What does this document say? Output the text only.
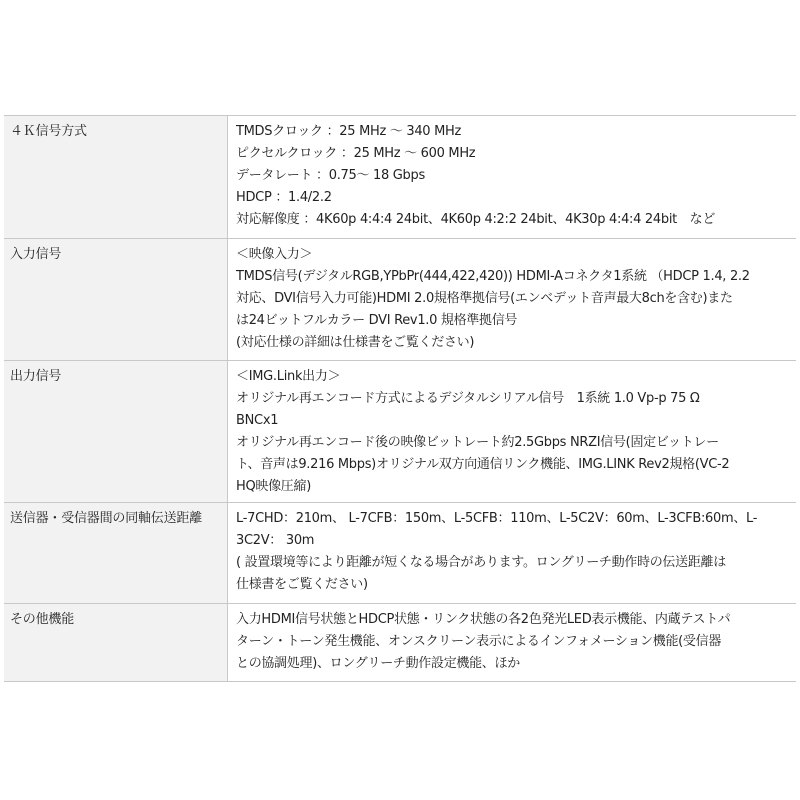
４Ｋ信号方式	TMDSクロック ：25 MHz ～ 340 MHz
ピクセルクロック ：25 MHz ～ 600 MHz
データレート ：0.75～ 18 Gbps
HDCP ：1.4/2.2
対応解像度 ：4K60p 4:4:4 24bit、4K60p 4:2:2 24bit、4K30p 4:4:4 24bit　など
入力信号	＜映像入力＞
TMDS信号(デジタルRGB,YPbPr(444,422,420)) HDMI-Aコネクタ1系統 （HDCP 1.4, 2.2
対応、DVI信号入力可能)HDMI 2.0規格準拠信号(エンベデット音声最大8chを含む)また
は24ビットフルカラー DVI Rev1.0 規格準拠信号
(対応仕様の詳細は仕様書をご覧ください)
出力信号	＜IMG.Link出力＞
オリジナル再エンコード方式によるデジタルシリアル信号　1系統 1.0 Vp-p 75 Ω
BNCx1
オリジナル再エンコード後の映像ビットレート約2.5Gbps NRZI信号(固定ビットレー
ト、音声は9.216 Mbps)オリジナル双方向通信リンク機能、IMG.LINK Rev2規格(VC-2
HQ映像圧縮)
送信器・受信器間の同軸伝送距離	L-7CHD：210m、 L-7CFB：150m、L-5CFB：110m、L-5C2V：60m、L-3CFB:60m、L-
3C2V： 30m
( 設置環境等により距離が短くなる場合があります。ロングリーチ動作時の伝送距離は
仕様書をご覧ください)
その他機能	入力HDMI信号状態とHDCP状態・リンク状態の各2色発光LED表示機能、内蔵テストパ
ターン・トーン発生機能、オンスクリーン表示によるインフォメーション機能(受信器
との協調処理)、ロングリーチ動作設定機能、ほか
